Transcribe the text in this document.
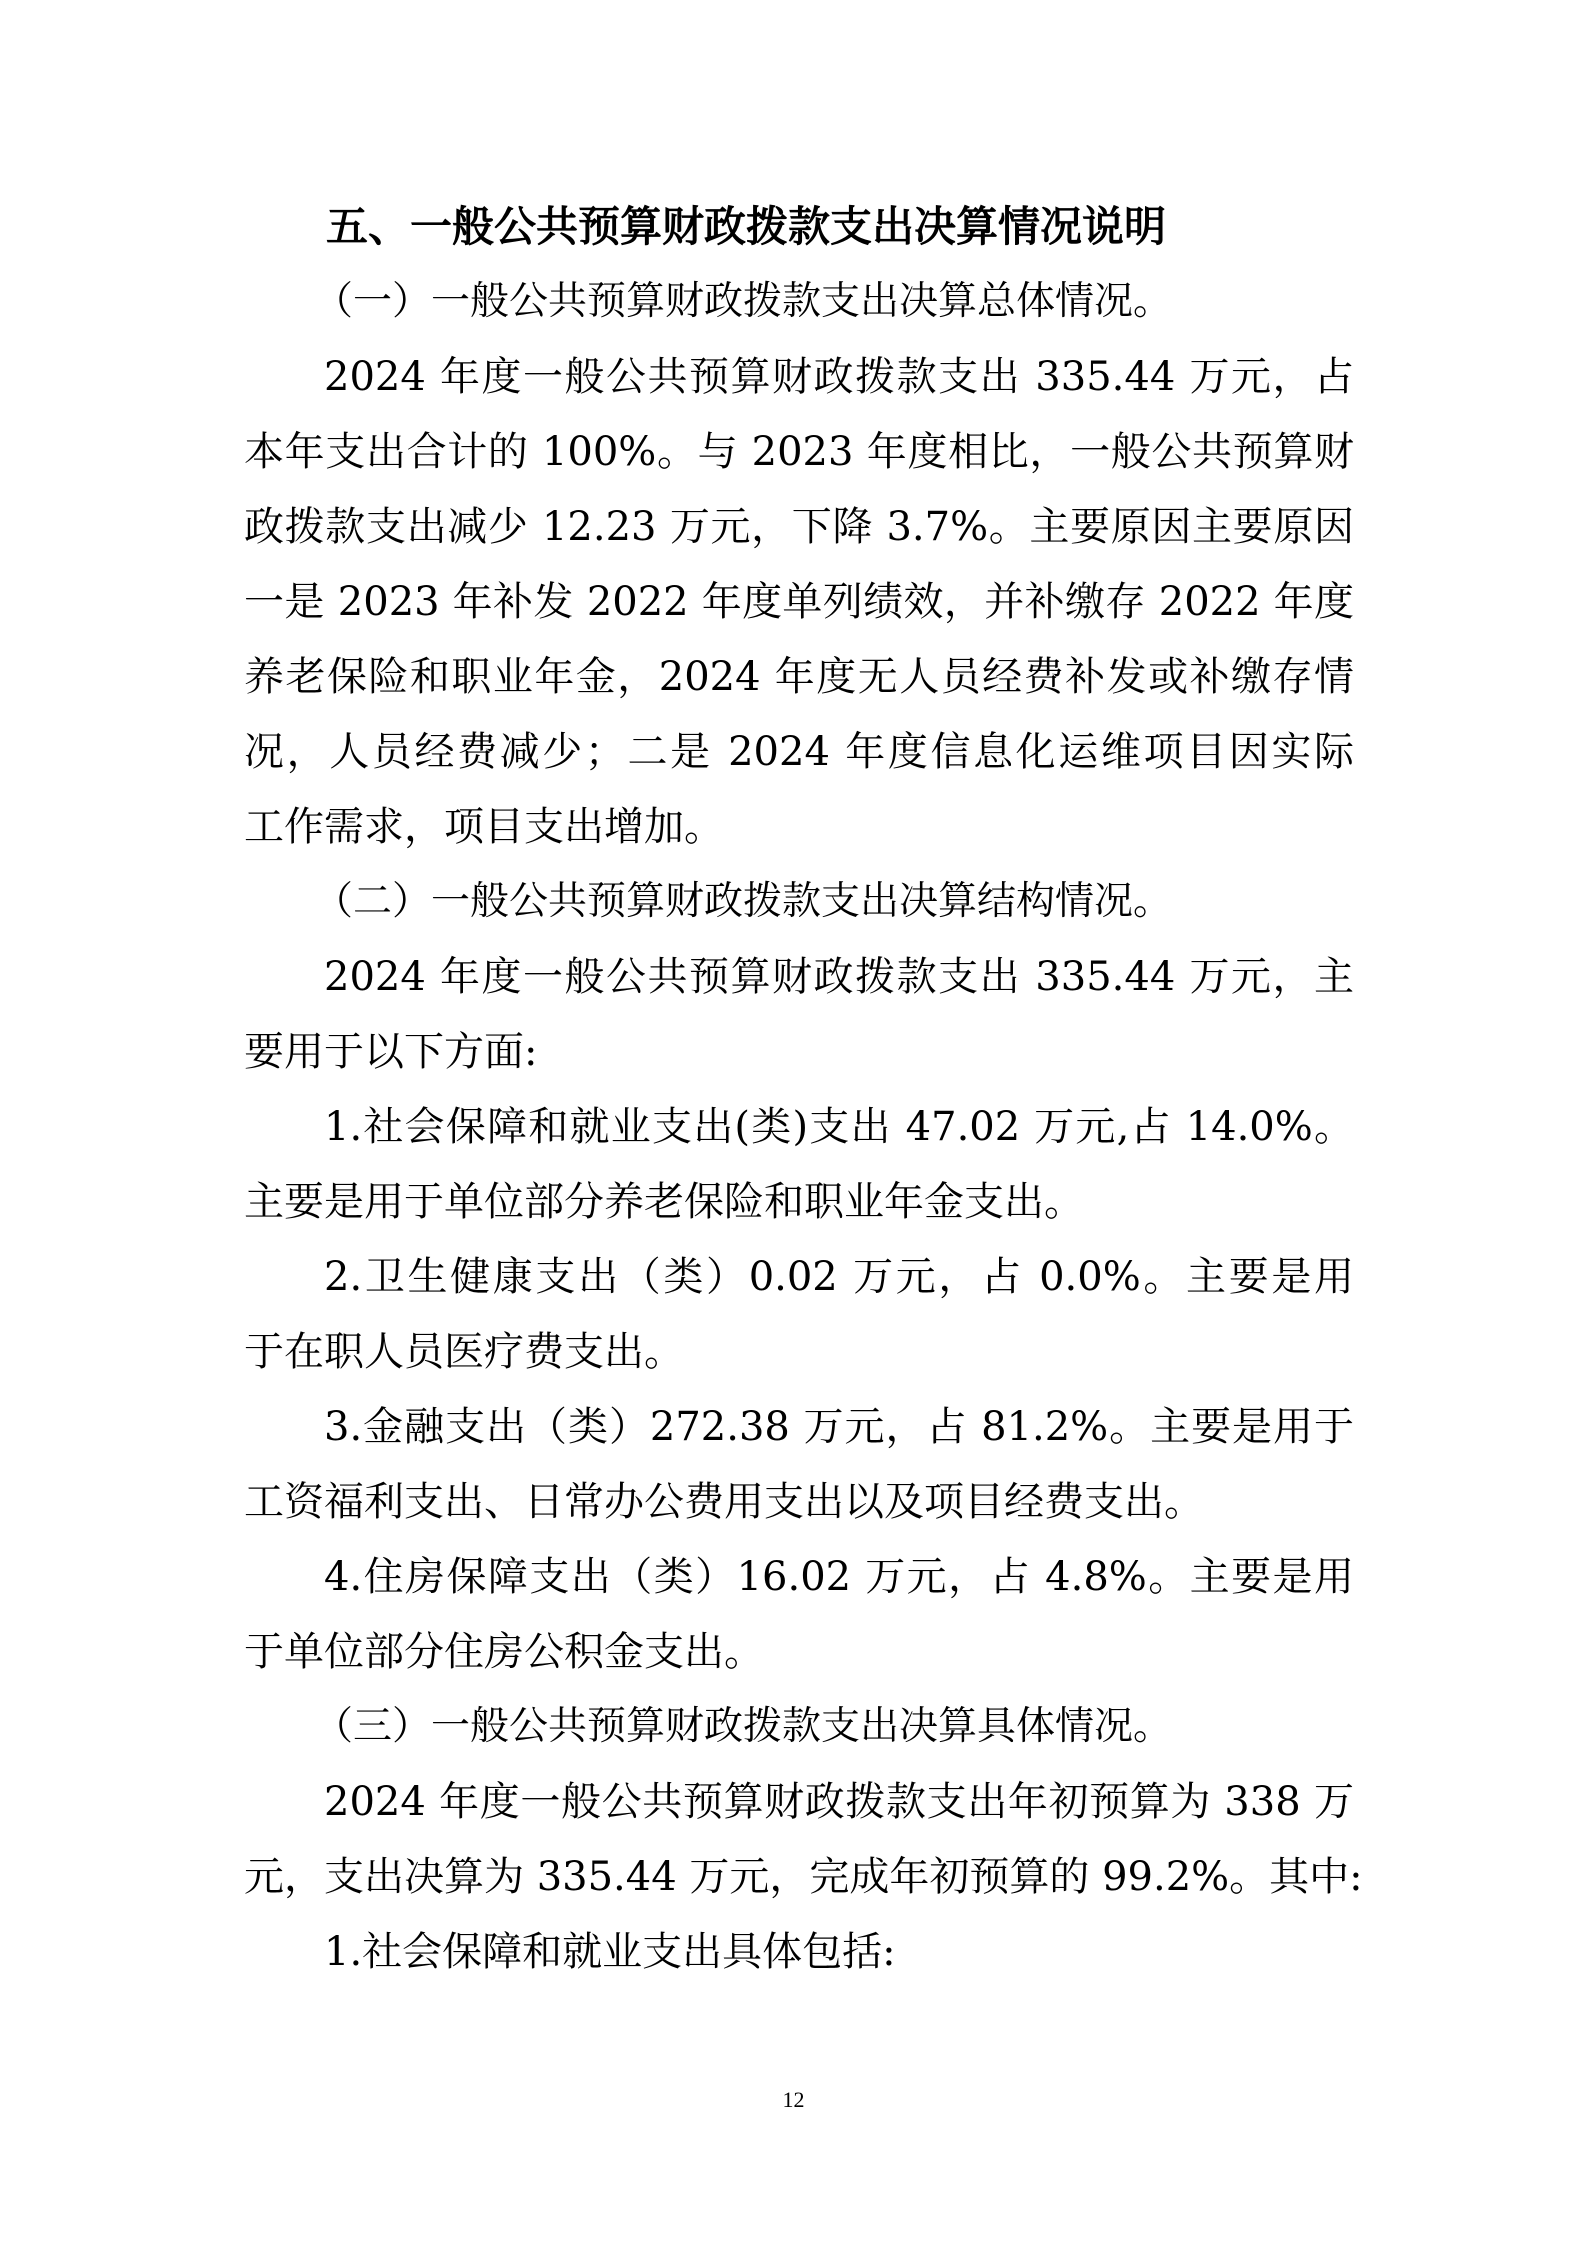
五、一般公共预算财政拨款支出决算情况说明
（一）一般公共预算财政拨款支出决算总体情况。
2024 年度一般公共预算财政拨款支出 335.44 万元，占
本年支出合计的 100%。与 2023 年度相比，一般公共预算财
政拨款支出减少 12.23 万元，下降 3.7%。主要原因主要原因
一是 2023 年补发 2022 年度单列绩效，并补缴存 2022 年度
养老保险和职业年金，2024 年度无人员经费补发或补缴存情
况，人员经费减少；二是 2024 年度信息化运维项目因实际
工作需求，项目支出增加。
（二）一般公共预算财政拨款支出决算结构情况。
2024 年度一般公共预算财政拨款支出 335.44 万元，主
要用于以下方面:
1.社会保障和就业支出(类)支出 47.02 万元,占 14.0%。
主要是用于单位部分养老保险和职业年金支出。
2.卫生健康支出（类）0.02 万元，占 0.0%。主要是用
于在职人员医疗费支出。
3.金融支出（类）272.38 万元，占 81.2%。主要是用于
工资福利支出、日常办公费用支出以及项目经费支出。
4.住房保障支出（类）16.02 万元，占 4.8%。主要是用
于单位部分住房公积金支出。
（三）一般公共预算财政拨款支出决算具体情况。
2024 年度一般公共预算财政拨款支出年初预算为 338 万
元，支出决算为 335.44 万元，完成年初预算的 99.2%。其中:
1.社会保障和就业支出具体包括:
12
